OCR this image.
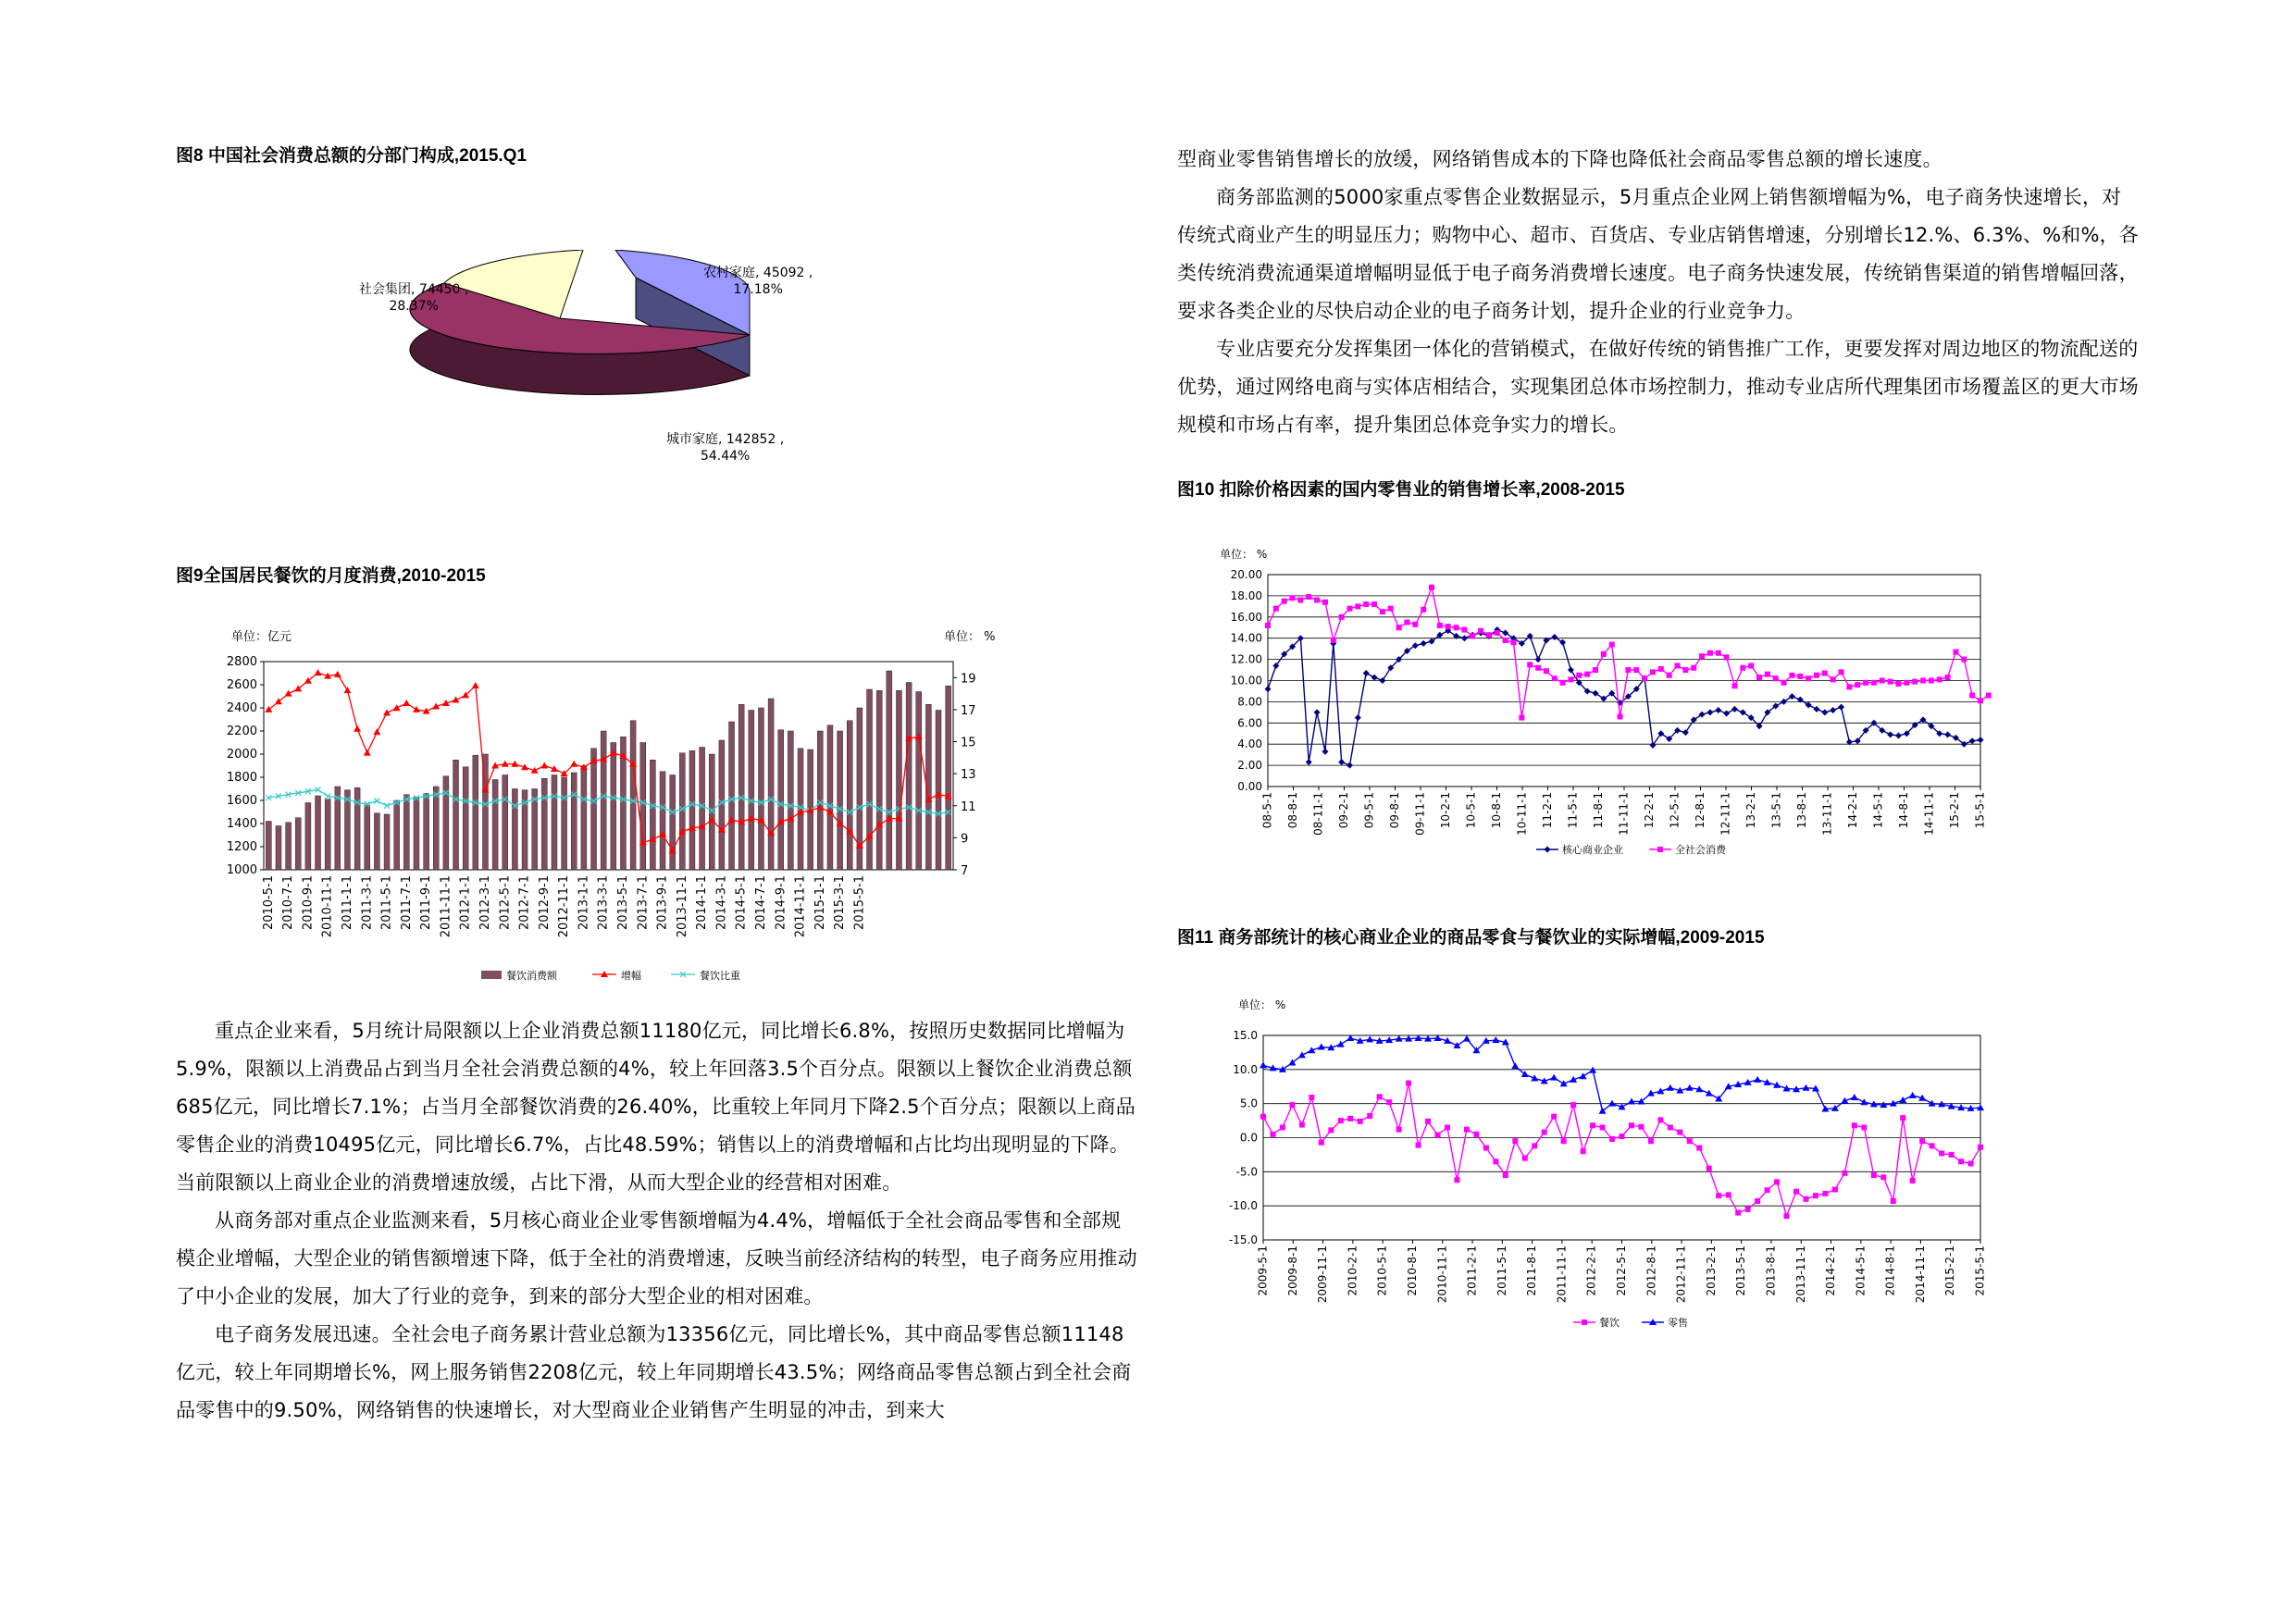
图8 中国社会消费总额的分部门构成,2015.Q1
农村家庭, 45092 ,
17.18%
社会集团, 74450 ,
28.37%
城市家庭, 142852 ,
54.44%
图9全国居民餐饮的月度消费,2010-2015
单位：亿元	单位： %
1000
1200
1400
1600
1800
2000
2200
2400
2600
2800
7
9
11
13
15
17
19
2010-5-1 2010-7-1 2010-9-1 2010-11-1 2011-1-1 2011-3-1 2011-5-1 2011-7-1 2011-9-1 2011-11-1 2012-1-1 2012-3-1 2012-5-1 2012-7-1 2012-9-1 2012-11-1 2013-1-1 2013-3-1 2013-5-1 2013-7-1 2013-9-1 2013-11-1 2014-1-1 2014-3-1 2014-5-1 2014-7-1 2014-9-1 2014-11-1 2015-1-1 2015-3-1 2015-5-1
餐饮消费额	增幅	餐饮比重

重点企业来看，5月统计局限额以上企业消费总额11180亿元，同比增长6.8%，按照历史数据同比增幅为5.9%，限额以上消费品占到当月全社会消费总额的4%，较上年回落3.5个百分点。限额以上餐饮企业消费总额685亿元，同比增长7.1%；占当月全部餐饮消费的26.40%，比重较上年同月下降2.5个百分点；限额以上商品零售企业的消费10495亿元，同比增长6.7%，占比48.59%；销售以上的消费增幅和占比均出现明显的下降。当前限额以上商业企业的消费增速放缓，占比下滑，从而大型企业的经营相对困难。

从商务部对重点企业监测来看，5月核心商业企业零售额增幅为4.4%，增幅低于全社会商品零售和全部规模企业增幅，大型企业的销售额增速下降，低于全社的消费增速，反映当前经济结构的转型，电子商务应用推动了中小企业的发展，加大了行业的竞争，到来的部分大型企业的相对困难。

电子商务发展迅速。全社会电子商务累计营业总额为13356亿元，同比增长%，其中商品零售总额11148亿元，较上年同期增长%，网上服务销售2208亿元，较上年同期增长43.5%；网络商品零售总额占到全社会商品零售中的9.50%，网络销售的快速增长，对大型商业企业销售产生明显的冲击，到来大

型商业零售销售增长的放缓，网络销售成本的下降也降低社会商品零售总额的增长速度。

商务部监测的5000家重点零售企业数据显示，5月重点企业网上销售额增幅为%，电子商务快速增长，对传统式商业产生的明显压力；购物中心、超市、百货店、专业店销售增速，分别增长12.%、6.3%、%和%，各类传统消费流通渠道增幅明显低于电子商务消费增长速度。电子商务快速发展，传统销售渠道的销售增幅回落，要求各类企业的尽快启动企业的电子商务计划，提升企业的行业竞争力。

专业店要充分发挥集团一体化的营销模式，在做好传统的销售推广工作，更要发挥对周边地区的物流配送的优势，通过网络电商与实体店相结合，实现集团总体市场控制力，推动专业店所代理集团市场覆盖区的更大市场规模和市场占有率，提升集团总体竞争实力的增长。

图10 扣除价格因素的国内零售业的销售增长率,2008-2015
单位： %
0.00
2.00
4.00
6.00
8.00
10.00
12.00
14.00
16.00
18.00
20.00
08-5-1 08-8-1 08-11-1 09-2-1 09-5-1 09-8-1 09-11-1 10-2-1 10-5-1 10-8-1 10-11-1 11-2-1 11-5-1 11-8-1 11-11-1 12-2-1 12-5-1 12-8-1 12-11-1 13-2-1 13-5-1 13-8-1 13-11-1 14-2-1 14-5-1 14-8-1 14-11-1 15-2-1 15-5-1
核心商业企业	全社会消费
图11 商务部统计的核心商业企业的商品零食与餐饮业的实际增幅,2009-2015
单位： %
-15.0
-10.0
-5.0
0.0
5.0
10.0
15.0
2009-5-1 2009-8-1 2009-11-1 2010-2-1 2010-5-1 2010-8-1 2010-11-1 2011-2-1 2011-5-1 2011-8-1 2011-11-1 2012-2-1 2012-5-1 2012-8-1 2012-11-1 2013-2-1 2013-5-1 2013-8-1 2013-11-1 2014-2-1 2014-5-1 2014-8-1 2014-11-1 2015-2-1 2015-5-1
餐饮	零售
